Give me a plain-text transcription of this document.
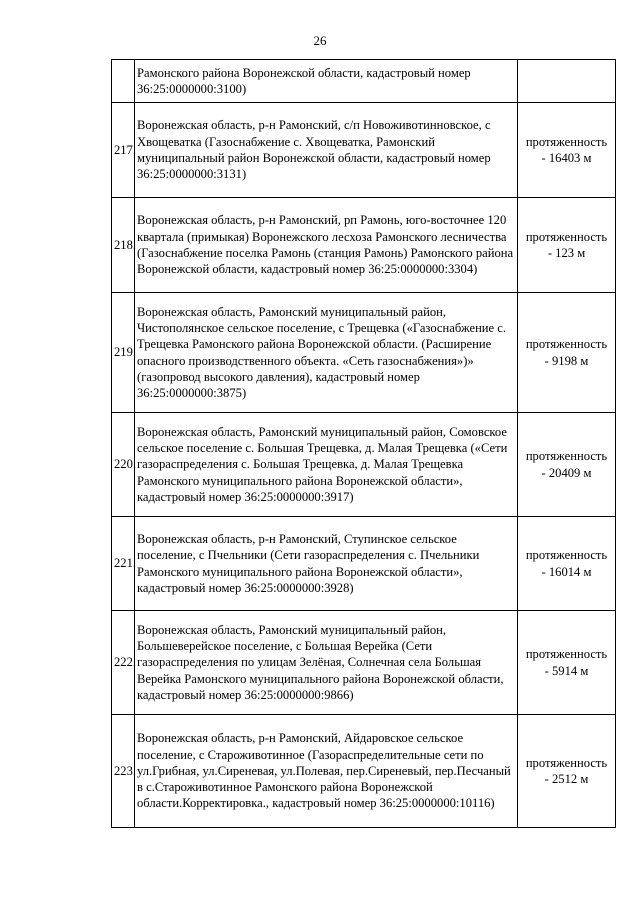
26
	Рамонского района Воронежской области, кадастровый номер 36:25:0000000:3100)	

217.	Воронежская область, р-н Рамонский, с/п Новоживотинновское, с Хвощеватка (Газоснабжение с. Хвощеватка, Рамонский муниципальный район Воронежской области, кадастровый номер 36:25:0000000:3131)	протяженность
- 16403 м

218.	Воронежская область, р-н Рамонский, рп Рамонь, юго-восточнее 120 квартала (примыкая) Воронежского лесхоза Рамонского лесничества (Газоснабжение поселка Рамонь (станция Рамонь) Рамонского района Воронежской области, кадастровый номер 36:25:0000000:3304)	протяженность
- 123 м

219.	Воронежская область, Рамонский муниципальный район, Чистополянское сельское поселение, с Трещевка («Газоснабжение с. Трещевка Рамонского района Воронежской области. (Расширение опасного производственного объекта. «Сеть газоснабжения»)» (газопровод высокого давления), кадастровый номер 36:25:0000000:3875)	протяженность
- 9198 м

220.	Воронежская область, Рамонский муниципальный район, Сомовское сельское поселение с. Большая Трещевка, д. Малая Трещевка («Сети газораспределения с. Большая Трещевка, д. Малая Трещевка Рамонского муниципального района Воронежской области», кадастровый номер 36:25:0000000:3917)	протяженность
- 20409 м

221.	Воронежская область, р-н Рамонский, Ступинское сельское поселение, с Пчельники (Сети газораспределения с. Пчельники Рамонского муниципального района Воронежской области», кадастровый номер 36:25:0000000:3928)	протяженность
- 16014 м

222.	Воронежская область, Рамонский муниципальный район, Большеверейское поселение, с Большая Верейка (Сети газораспределения по улицам Зелёная, Солнечная села Большая Верейка Рамонского муниципального района Воронежской области, кадастровый номер 36:25:0000000:9866)	протяженность
- 5914 м

223.	Воронежская область, р-н Рамонский, Айдаровское сельское поселение, с Староживотинное (Газораспределительные сети по ул.Грибная, ул.Сиреневая, ул.Полевая, пер.Сиреневый, пер.Песчаный в с.Староживотинное Рамонского района Воронежской области.Корректировка., кадастровый номер 36:25:0000000:10116)	протяженность
- 2512 м
